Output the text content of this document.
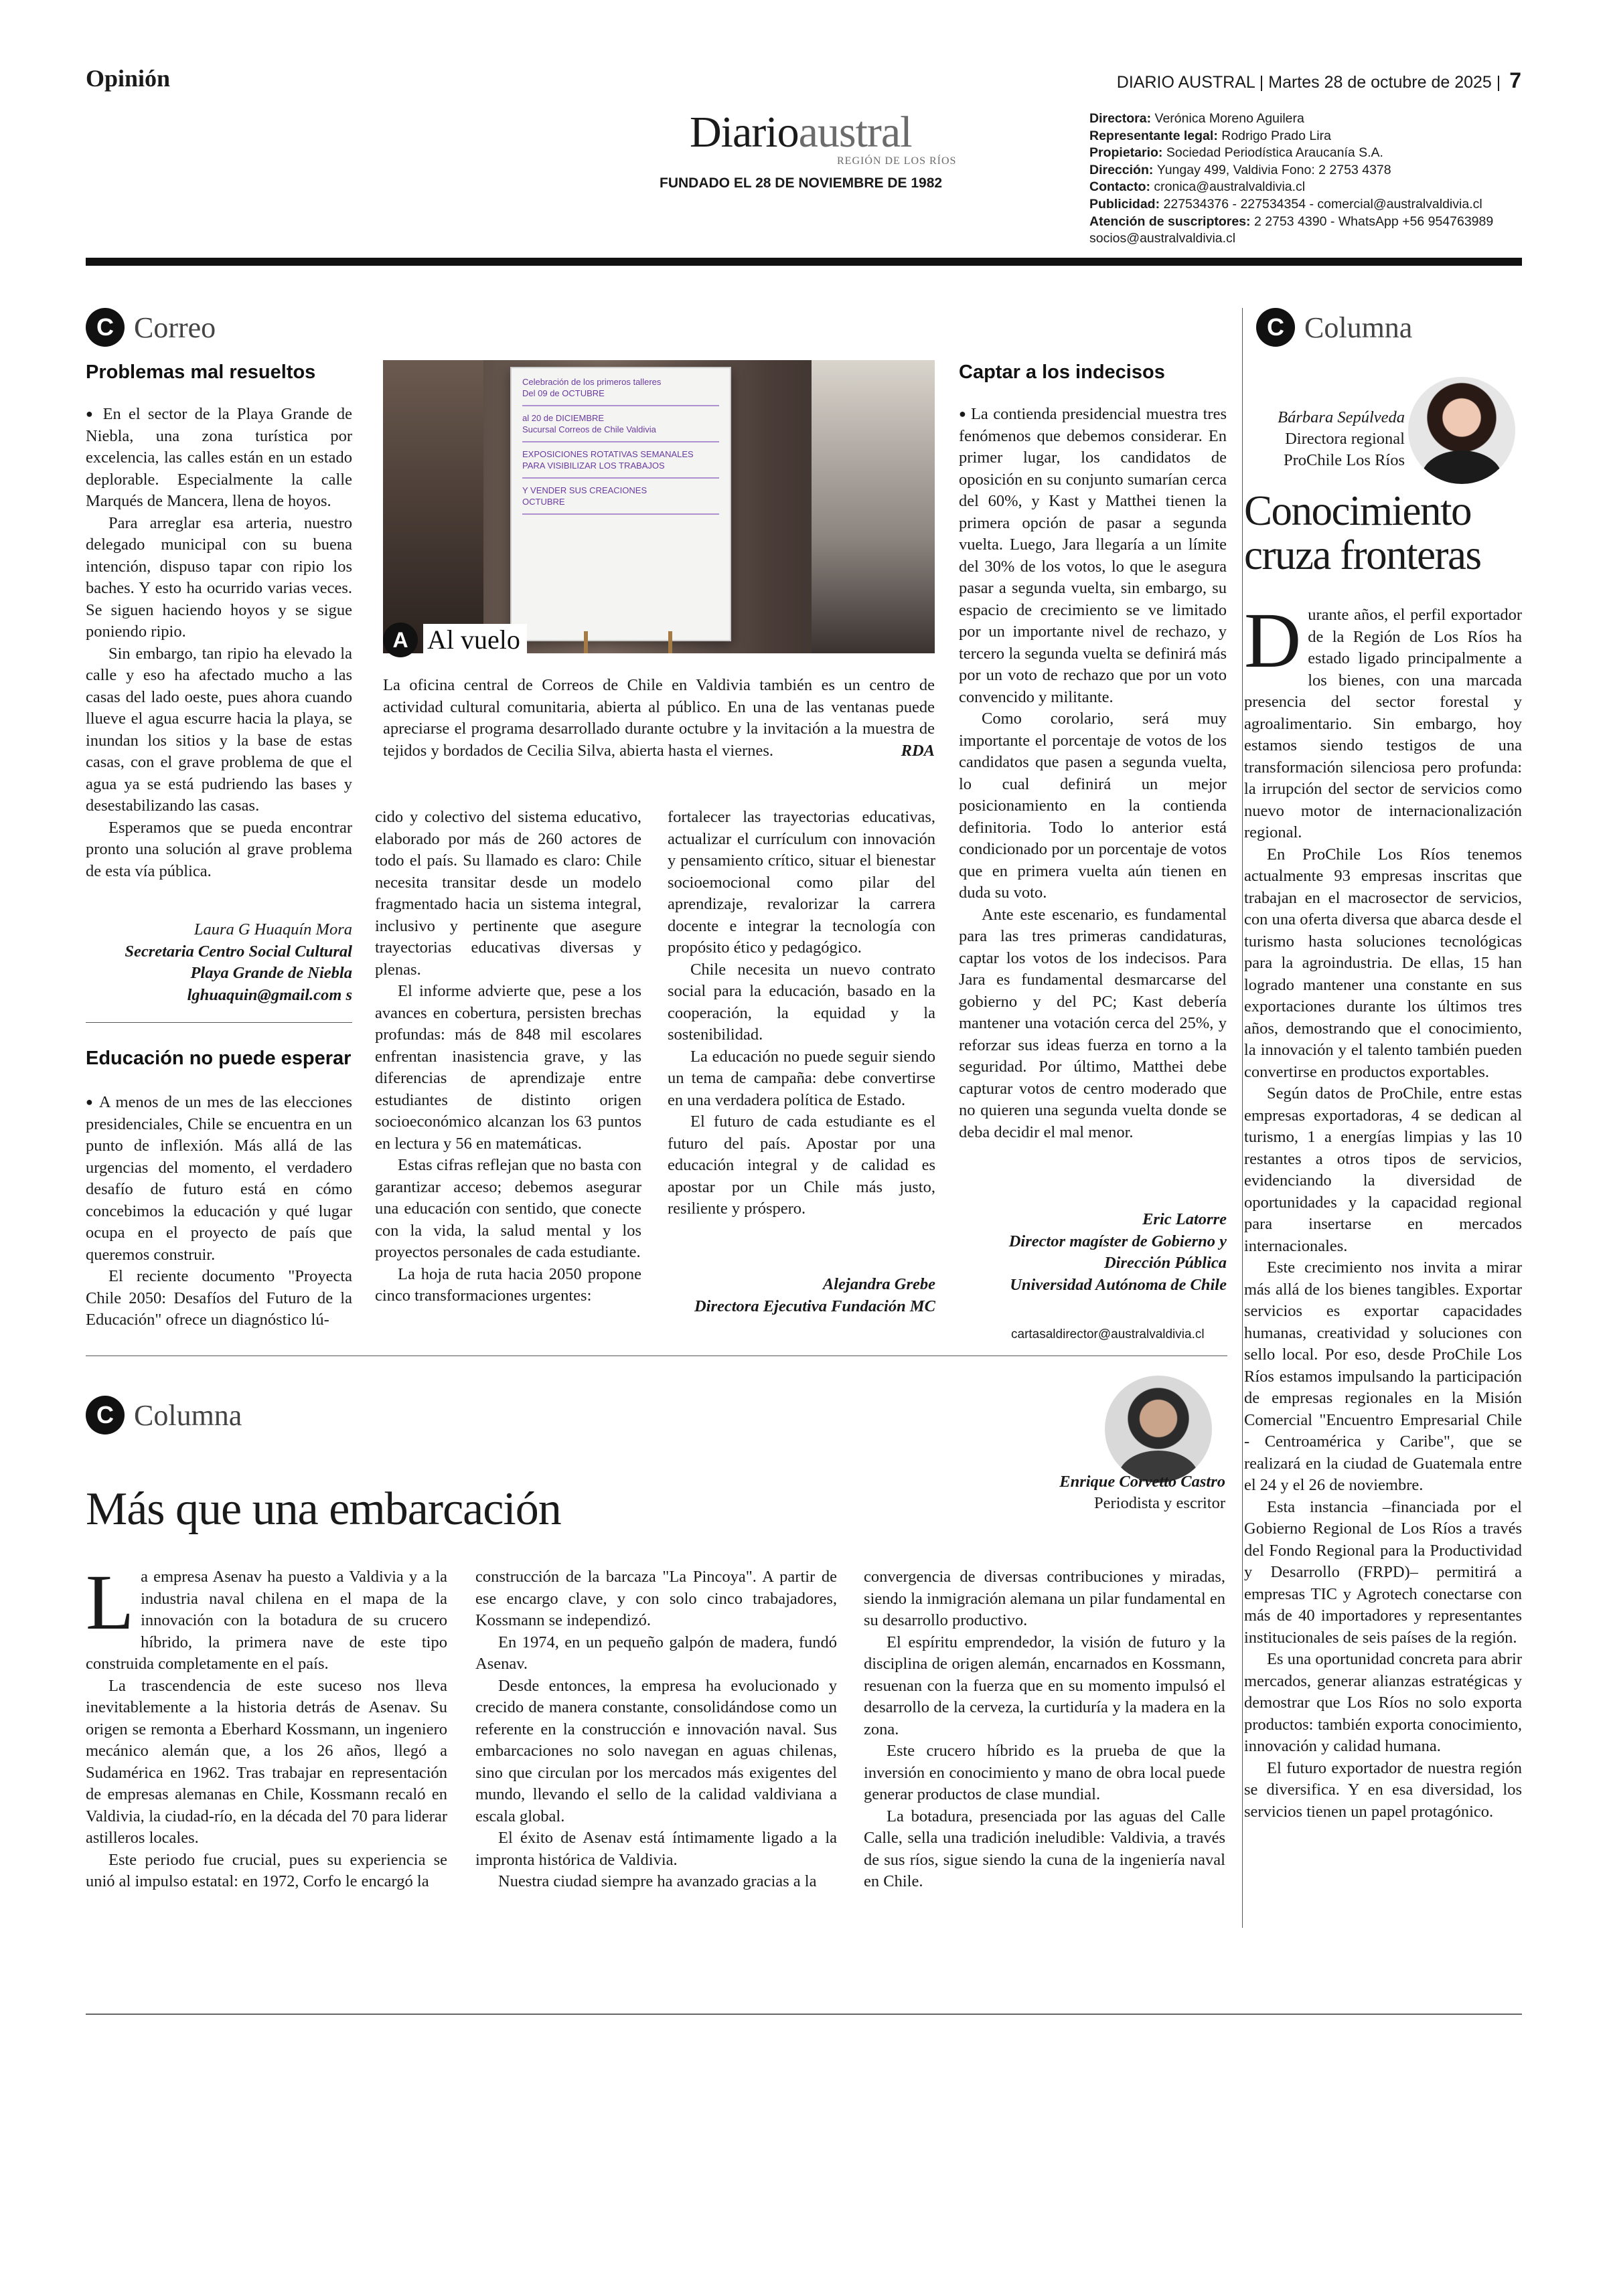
Opinión	DIARIO AUSTRAL | Martes 28 de octubre de 2025 | 7
Diarioaustral
REGIÓN DE LOS RÍOS
FUNDADO EL 28 DE NOVIEMBRE DE 1982
Directora: Verónica Moreno Aguilera
Representante legal: Rodrigo Prado Lira
Propietario: Sociedad Periodística Araucanía S.A.
Dirección: Yungay 499, Valdivia Fono: 2 2753 4378
Contacto: cronica@australvaldivia.cl
Publicidad: 227534376 - 227534354 - comercial@australvaldivia.cl
Atención de suscriptores: 2 2753 4390 - WhatsApp +56 954763989
socios@australvaldivia.cl
C Correo
Problemas mal resueltos

● En el sector de la Playa Grande de Niebla, una zona turística por excelencia, las calles están en un estado deplorable. Especialmente la calle Marqués de Mancera, llena de hoyos.

Para arreglar esa arteria, nuestro delegado municipal con su buena intención, dispuso tapar con ripio los baches. Y esto ha ocurrido varias veces. Se siguen haciendo hoyos y se sigue poniendo ripio.

Sin embargo, tan ripio ha elevado la calle y eso ha afectado mucho a las casas del lado oeste, pues ahora cuando llueve el agua escurre hacia la playa, se inundan los sitios y la base de estas casas, con el grave problema de que el agua ya se está pudriendo las bases y desestabilizando las casas.

Esperamos que se pueda encontrar pronto una solución al grave problema de esta vía pública.

Laura G Huaquín Mora
Secretaria Centro Social Cultural
Playa Grande de Niebla
lghuaquin@gmail.com s
Educación no puede esperar

● A menos de un mes de las elecciones presidenciales, Chile se encuentra en un punto de inflexión. Más allá de las urgencias del momento, el verdadero desafío de futuro está en cómo concebimos la educación y qué lugar ocupa en el proyecto de país que queremos construir.

El reciente documento "Proyecta Chile 2050: Desafíos del Futuro de la Educación" ofrece un diagnóstico lú-

cido y colectivo del sistema educativo, elaborado por más de 260 actores de todo el país. Su llamado es claro: Chile necesita transitar desde un modelo fragmentado hacia un sistema integral, inclusivo y pertinente que asegure trayectorias educativas diversas y plenas.

El informe advierte que, pese a los avances en cobertura, persisten brechas profundas: más de 848 mil escolares enfrentan inasistencia grave, y las diferencias de aprendizaje entre estudiantes de distinto origen socioeconómico alcanzan los 63 puntos en lectura y 56 en matemáticas.

Estas cifras reflejan que no basta con garantizar acceso; debemos asegurar una educación con sentido, que conecte con la vida, la salud mental y los proyectos personales de cada estudiante.

La hoja de ruta hacia 2050 propone cinco transformaciones urgentes:

fortalecer las trayectorias educativas, actualizar el currículum con innovación y pensamiento crítico, situar el bienestar socioemocional como pilar del aprendizaje, revalorizar la carrera docente e integrar la tecnología con propósito ético y pedagógico.

Chile necesita un nuevo contrato social para la educación, basado en la cooperación, la equidad y la sostenibilidad.

La educación no puede seguir siendo un tema de campaña: debe convertirse en una verdadera política de Estado.

El futuro de cada estudiante es el futuro del país. Apostar por una educación integral y de calidad es apostar por un Chile más justo, resiliente y próspero.

Alejandra Grebe
Directora Ejecutiva Fundación MC
Celebración de los primeros talleres
Del 09 de OCTUBRE
al 20 de DICIEMBRE
Sucursal Correos de Chile Valdivia
EXPOSICIONES ROTATIVAS SEMANALES
PARA VISIBILIZAR LOS TRABAJOS
Y VENDER SUS CREACIONES
OCTUBRE
A Al vuelo
La oficina central de Correos de Chile en Valdivia también es un centro de actividad cultural comunitaria, abierta al público. En una de las ventanas puede apreciarse el programa desarrollado durante octubre y la invitación a la muestra de tejidos y bordados de Cecilia Silva, abierta hasta el viernes.	RDA
Captar a los indecisos

● La contienda presidencial muestra tres fenómenos que debemos considerar. En primer lugar, los candidatos de oposición en su conjunto sumarían cerca del 60%, y Kast y Matthei tienen la primera opción de pasar a segunda vuelta. Luego, Jara llegaría a un límite del 30% de los votos, lo que le asegura pasar a segunda vuelta, sin embargo, su espacio de crecimiento se ve limitado por un importante nivel de rechazo, y tercero la segunda vuelta se definirá más por un voto de rechazo que por un voto convencido y militante.

Como corolario, será muy importante el porcentaje de votos de los candidatos que pasen a segunda vuelta, lo cual definirá un mejor posicionamiento en la contienda definitoria. Todo lo anterior está condicionado por un porcentaje de votos que en primera vuelta aún tienen en duda su voto.

Ante este escenario, es fundamental para las tres primeras candidaturas, captar los votos de los indecisos. Para Jara es fundamental desmarcarse del gobierno y del PC; Kast debería mantener una votación cerca del 25%, y reforzar sus ideas fuerza en torno a la seguridad. Por último, Matthei debe capturar votos de centro moderado que no quieren una segunda vuelta donde se deba decidir el mal menor.

Eric Latorre
Director magíster de Gobierno y
Dirección Pública
Universidad Autónoma de Chile
cartasaldirector@australvaldivia.cl
C Columna
Bárbara Sepúlveda
Directora regional
ProChile Los Ríos
Conocimiento cruza fronteras

Durante años, el perfil exportador de la Región de Los Ríos ha estado ligado principalmente a los bienes, con una marcada presencia del sector forestal y agroalimentario. Sin embargo, hoy estamos siendo testigos de una transformación silenciosa pero profunda: la irrupción del sector de servicios como nuevo motor de internacionalización regional.

En ProChile Los Ríos tenemos actualmente 93 empresas inscritas que trabajan en el macrosector de servicios, con una oferta diversa que abarca desde el turismo hasta soluciones tecnológicas para la agroindustria. De ellas, 15 han logrado mantener una constante en sus exportaciones durante los últimos tres años, demostrando que el conocimiento, la innovación y el talento también pueden convertirse en productos exportables.

Según datos de ProChile, entre estas empresas exportadoras, 4 se dedican al turismo, 1 a energías limpias y las 10 restantes a otros tipos de servicios, evidenciando la diversidad de oportunidades y la capacidad regional para insertarse en mercados internacionales.

Este crecimiento nos invita a mirar más allá de los bienes tangibles. Exportar servicios es exportar capacidades humanas, creatividad y soluciones con sello local. Por eso, desde ProChile Los Ríos estamos impulsando la participación de empresas regionales en la Misión Comercial "Encuentro Empresarial Chile - Centroamérica y Caribe", que se realizará en la ciudad de Guatemala entre el 24 y el 26 de noviembre.

Esta instancia –financiada por el Gobierno Regional de Los Ríos a través del Fondo Regional para la Productividad y Desarrollo (FRPD)– permitirá a empresas TIC y Agrotech conectarse con más de 40 importadores y representantes institucionales de seis países de la región.

Es una oportunidad concreta para abrir mercados, generar alianzas estratégicas y demostrar que Los Ríos no solo exporta productos: también exporta conocimiento, innovación y calidad humana.

El futuro exportador de nuestra región se diversifica. Y en esa diversidad, los servicios tienen un papel protagónico.

C Columna
Enrique Corvetto Castro
Periodista y escritor
Más que una embarcación

La empresa Asenav ha puesto a Valdivia y a la industria naval chilena en el mapa de la innovación con la botadura de su crucero híbrido, la primera nave de este tipo construida completamente en el país.

La trascendencia de este suceso nos lleva inevitablemente a la historia detrás de Asenav. Su origen se remonta a Eberhard Kossmann, un ingeniero mecánico alemán que, a los 26 años, llegó a Sudamérica en 1962. Tras trabajar en representación de empresas alemanas en Chile, Kossmann recaló en Valdivia, la ciudad-río, en la década del 70 para liderar astilleros locales.

Este periodo fue crucial, pues su experiencia se unió al impulso estatal: en 1972, Corfo le encargó la

construcción de la barcaza "La Pincoya". A partir de ese encargo clave, y con solo cinco trabajadores, Kossmann se independizó.

En 1974, en un pequeño galpón de madera, fundó Asenav.

Desde entonces, la empresa ha evolucionado y crecido de manera constante, consolidándose como un referente en la construcción e innovación naval. Sus embarcaciones no solo navegan en aguas chilenas, sino que circulan por los mercados más exigentes del mundo, llevando el sello de la calidad valdiviana a escala global.

El éxito de Asenav está íntimamente ligado a la impronta histórica de Valdivia.

Nuestra ciudad siempre ha avanzado gracias a la

convergencia de diversas contribuciones y miradas, siendo la inmigración alemana un pilar fundamental en su desarrollo productivo.

El espíritu emprendedor, la visión de futuro y la disciplina de origen alemán, encarnados en Kossmann, resuenan con la fuerza que en su momento impulsó el desarrollo de la cerveza, la curtiduría y la madera en la zona.

Este crucero híbrido es la prueba de que la inversión en conocimiento y mano de obra local puede generar productos de clase mundial.

La botadura, presenciada por las aguas del Calle Calle, sella una tradición ineludible: Valdivia, a través de sus ríos, sigue siendo la cuna de la ingeniería naval en Chile.
